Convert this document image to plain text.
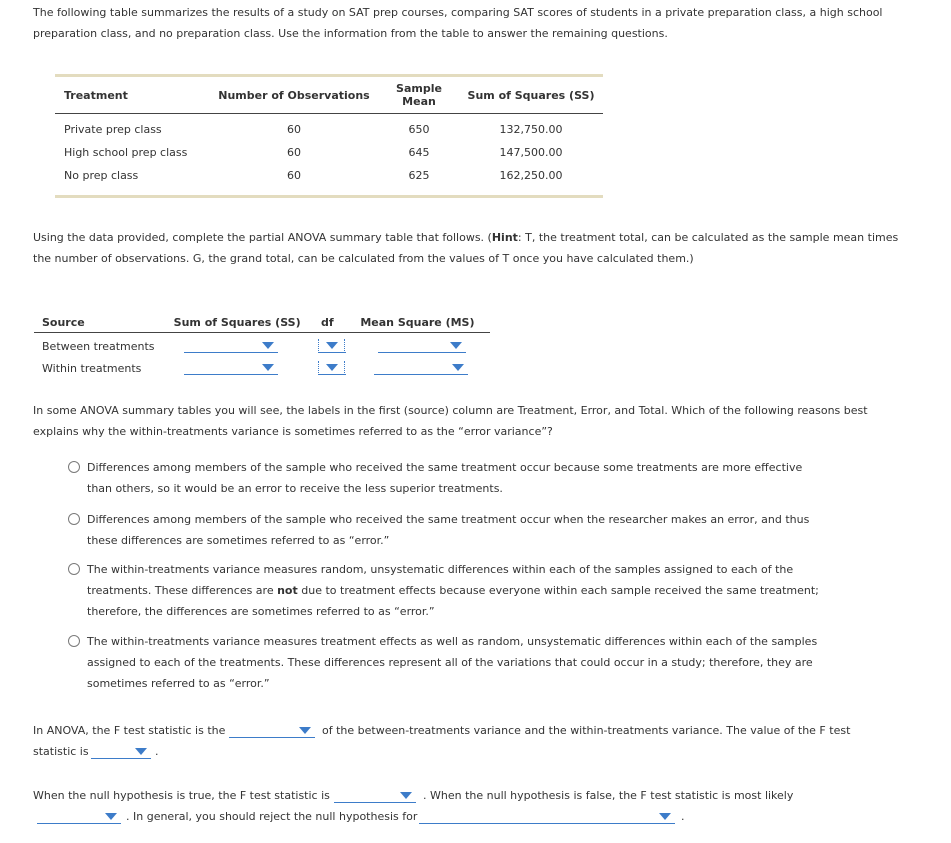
The following table summarizes the results of a study on SAT prep courses, comparing SAT scores of students in a private preparation class, a high school preparation class, and no preparation class. Use the information from the table to answer the remaining questions.

Treatment	Number of Observations	Sample Mean	Sum of Squares (SS)
Private prep class	60	650	132,750.00
High school prep class	60	645	147,500.00
No prep class	60	625	162,250.00

Using the data provided, complete the partial ANOVA summary table that follows. (Hint: T, the treatment total, can be calculated as the sample mean times the number of observations. G, the grand total, can be calculated from the values of T once you have calculated them.)

Source	Sum of Squares (SS)	df	Mean Square (MS)
Between treatments
Within treatments

In some ANOVA summary tables you will see, the labels in the first (source) column are Treatment, Error, and Total. Which of the following reasons best explains why the within-treatments variance is sometimes referred to as the “error variance”?

Differences among members of the sample who received the same treatment occur because some treatments are more effective than others, so it would be an error to receive the less superior treatments.
Differences among members of the sample who received the same treatment occur when the researcher makes an error, and thus these differences are sometimes referred to as “error.”
The within-treatments variance measures random, unsystematic differences within each of the samples assigned to each of the treatments. These differences are not due to treatment effects because everyone within each sample received the same treatment; therefore, the differences are sometimes referred to as “error.”
The within-treatments variance measures treatment effects as well as random, unsystematic differences within each of the samples assigned to each of the treatments. These differences represent all of the variations that could occur in a study; therefore, they are sometimes referred to as “error.”
In ANOVA, the F test statistic is the	of the between-treatments variance and the within-treatments variance. The value of the F test
statistic is	.
When the null hypothesis is true, the F test statistic is	. When the null hypothesis is false, the F test statistic is most likely
. In general, you should reject the null hypothesis for	.
